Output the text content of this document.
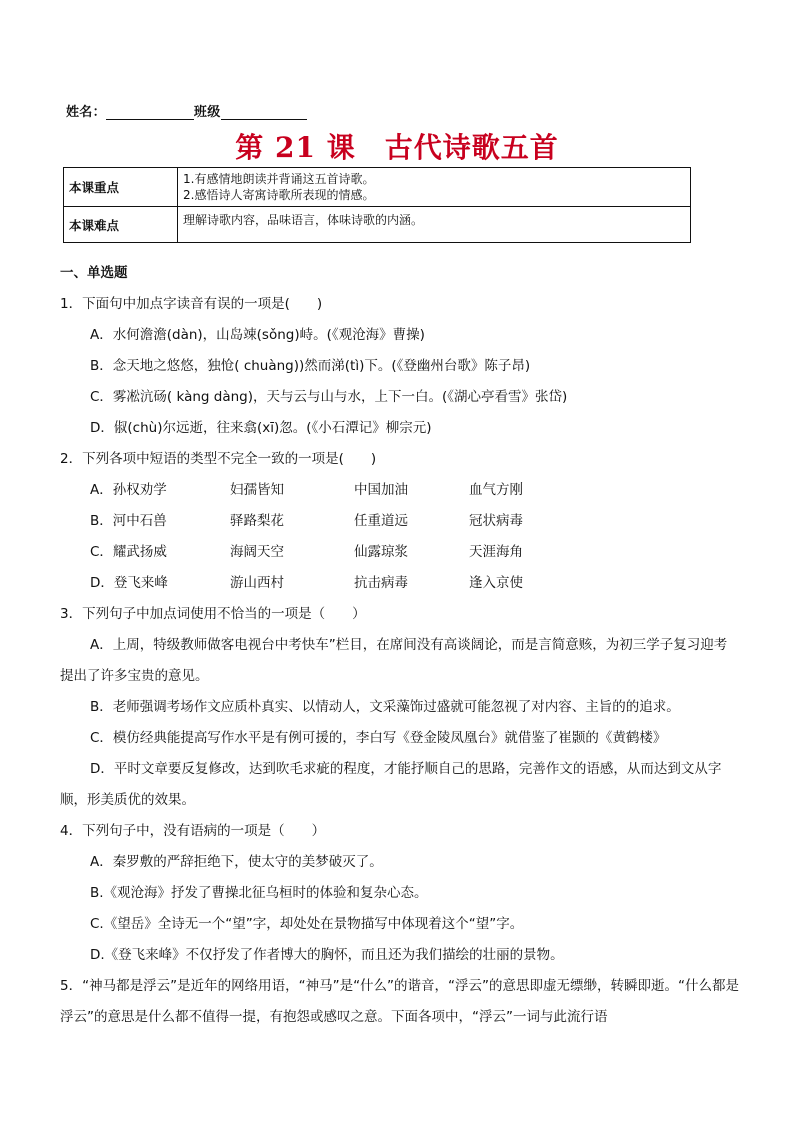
姓名：	班级
第 21 课　古代诗歌五首
本课重点	1.有感情地朗读并背诵这五首诗歌。
2.感悟诗人寄寓诗歌所表现的情感。

本课难点	理解诗歌内容，品味语言，体味诗歌的内涵。
一、单选题
1．下面句中加点字读音有误的一项是(　　)
A．水何澹澹(dàn)，山岛竦(sǒng)峙。(《观沧海》曹操)
B．念天地之悠悠，独怆( chuàng))然而涕(tì)下。(《登幽州台歌》陈子昂)
C．雾凇沆砀( kàng dàng)，天与云与山与水，上下一白。(《湖心亭看雪》张岱)
D．俶(chù)尔远逝，往来翕(xī)忽。(《小石潭记》柳宗元)
2．下列各项中短语的类型不完全一致的一项是(　　)
A．孙权劝学	妇孺皆知	中国加油	血气方刚
B．河中石兽	驿路梨花	任重道远	冠状病毒
C．耀武扬威	海阔天空	仙露琼浆	天涯海角
D．登飞来峰	游山西村	抗击病毒	逢入京使
3．下列句子中加点词使用不恰当的一项是（　　）
A．上周，特级教师做客电视台中考快车”栏目，在席间没有高谈阔论，而是言简意赅，为初三学子复习迎考提出了许多宝贵的意见。
B．老师强调考场作文应质朴真实、以情动人，文采藻饰过盛就可能忽视了对内容、主旨的的追求。
C．模仿经典能提高写作水平是有例可援的，李白写《登金陵凤凰台》就借鉴了崔颢的《黄鹤楼》
D．平时文章要反复修改，达到吹毛求疵的程度，才能抒顺自己的思路，完善作文的语感，从而达到文从字顺，形美质优的效果。
4．下列句子中，没有语病的一项是（　　）
A．秦罗敷的严辞拒绝下，使太守的美梦破灭了。
B.《观沧海》抒发了曹操北征乌桓时的体验和复杂心态。
C.《望岳》全诗无一个“望”字，却处处在景物描写中体现着这个“望”字。
D.《登飞来峰》不仅抒发了作者博大的胸怀，而且还为我们描绘的壮丽的景物。
5．“神马都是浮云”是近年的网络用语，“神马”是“什么”的谐音，“浮云”的意思即虚无缥缈，转瞬即逝。“什么都是浮云”的意思是什么都不值得一提，有抱怨或感叹之意。下面各项中，“浮云”一词与此流行语
